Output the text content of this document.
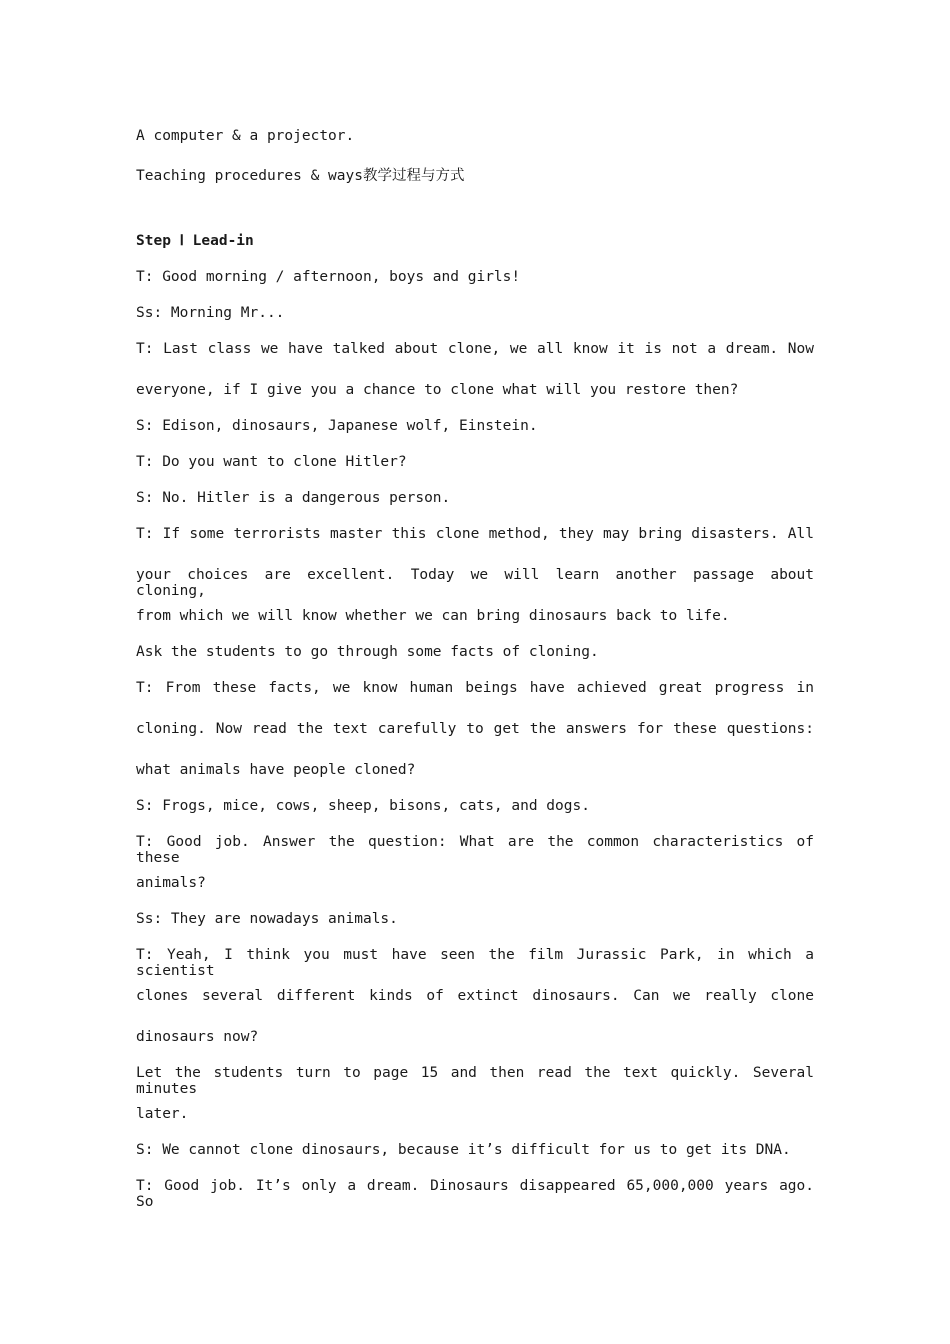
A computer & a projector.
Teaching procedures & ways教学过程与方式
Step Ⅰ Lead-in
T: Good morning / afternoon, boys and girls!
Ss: Morning Mr...
T: Last class we have talked about clone, we all know it is not a dream. Now
everyone, if I give you a chance to clone what will you restore then?
S: Edison, dinosaurs, Japanese wolf, Einstein.
T: Do you want to clone Hitler?
S: No. Hitler is a dangerous person.
T: If some terrorists master this clone method, they may bring disasters. All
your choices are excellent. Today we will learn another passage about cloning,
from which we will know whether we can bring dinosaurs back to life.
Ask the students to go through some facts of cloning.
T: From these facts, we know human beings have achieved great progress in
cloning. Now read the text carefully to get the answers for these questions:
what animals have people cloned?
S: Frogs, mice, cows, sheep, bisons, cats, and dogs.
T: Good job. Answer the question: What are the common characteristics of these
animals?
Ss: They are nowadays animals.
T: Yeah, I think you must have seen the film Jurassic Park, in which a scientist
clones several different kinds of extinct dinosaurs. Can we really clone
dinosaurs now?
Let the students turn to page 15 and then read the text quickly. Several minutes
later.
S: We cannot clone dinosaurs, because it’s difficult for us to get its DNA.
T: Good job. It’s only a dream. Dinosaurs disappeared 65,000,000 years ago. So
